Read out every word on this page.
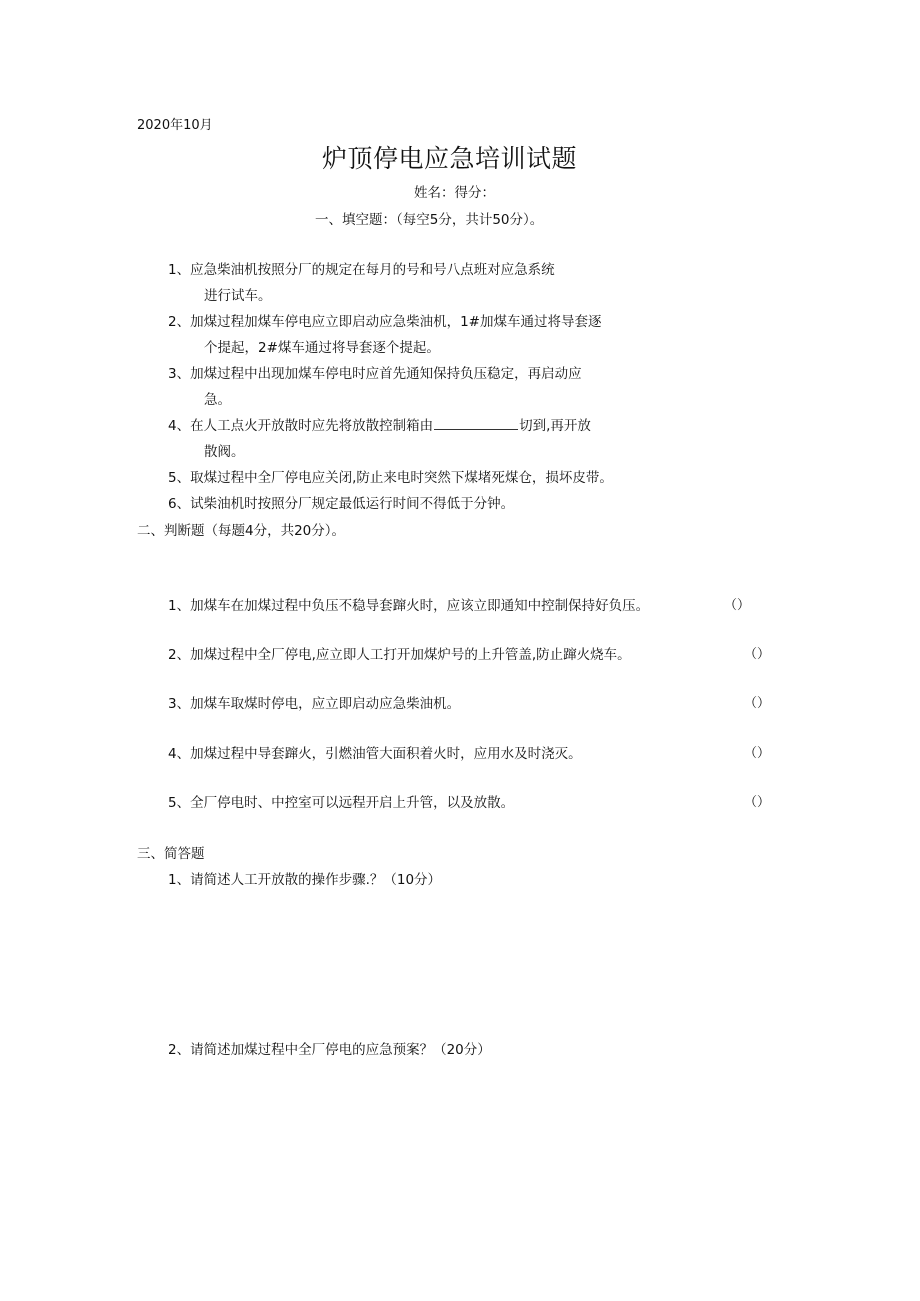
2020年10月
炉顶停电应急培训试题
姓名：得分：
一、填空题：（每空5分，共计50分）。
1、应急柴油机按照分厂的规定在每月的号和号八点班对应急系统
进行试车。
2、加煤过程加煤车停电应立即启动应急柴油机，1#加煤车通过将导套逐
个提起，2#煤车通过将导套逐个提起。
3、加煤过程中出现加煤车停电时应首先通知保持负压稳定，再启动应
急。
4、在人工点火开放散时应先将放散控制箱由	切到,再开放
散阀。
5、取煤过程中全厂停电应关闭,防止来电时突然下煤堵死煤仓，损坏皮带。
6、试柴油机时按照分厂规定最低运行时间不得低于分钟。
二、判断题（每题4分，共20分）。
1、加煤车在加煤过程中负压不稳导套蹿火时，应该立即通知中控制保持好负压。	（）
2、加煤过程中全厂停电,应立即人工打开加煤炉号的上升管盖,防止蹿火烧车。	（）
3、加煤车取煤时停电，应立即启动应急柴油机。	（）
4、加煤过程中导套蹿火，引燃油管大面积着火时，应用水及时浇灭。	（）
5、全厂停电时、中控室可以远程开启上升管，以及放散。	（）
三、简答题
1、请简述人工开放散的操作步骤.？（10分）
2、请简述加煤过程中全厂停电的应急预案？（20分）
